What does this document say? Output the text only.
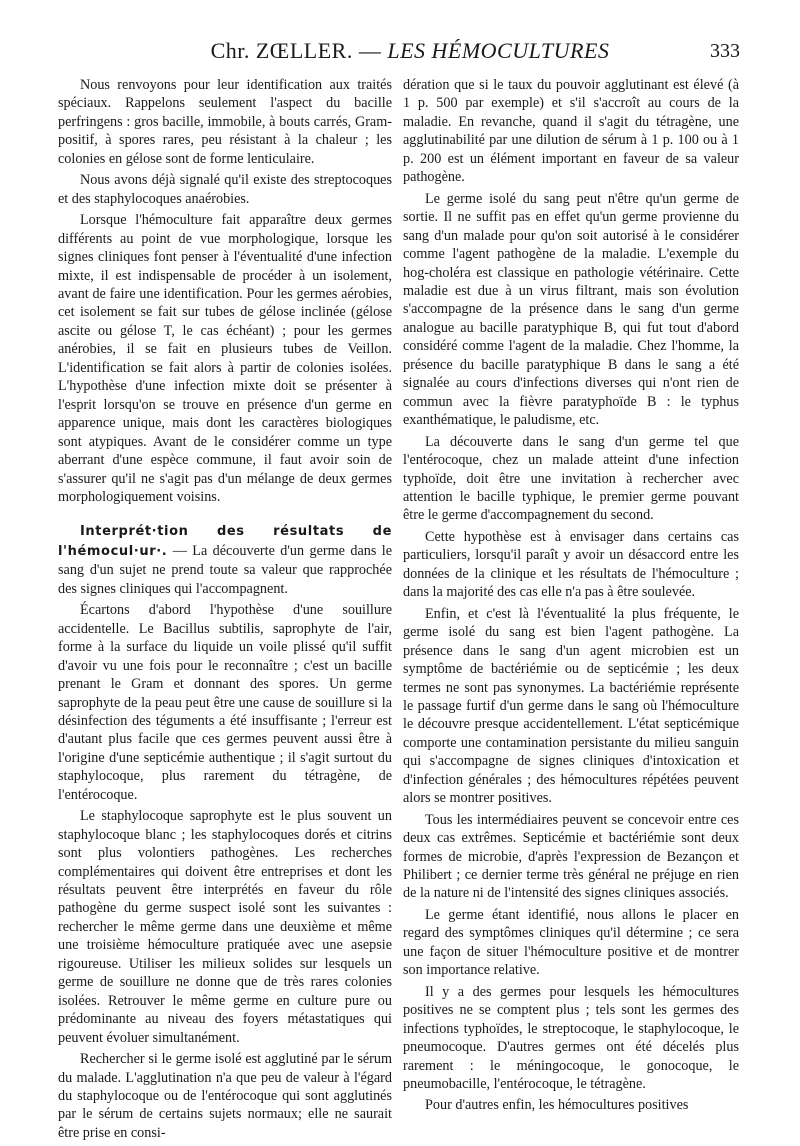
Chr. ZŒLLER. — LES HÉMOCULTURES	333

Nous renvoyons pour leur identification aux traités spéciaux. Rappelons seulement l'aspect du bacille perfringens : gros bacille, immobile, à bouts carrés, Gram-positif, à spores rares, peu résistant à la chaleur ; les colonies en gélose sont de forme lenticulaire.

Nous avons déjà signalé qu'il existe des streptocoques et des staphylocoques anaérobies.

Lorsque l'hémoculture fait apparaître deux germes différents au point de vue morphologique, lorsque les signes cliniques font penser à l'éventualité d'une infection mixte, il est indispensable de procéder à un isolement, avant de faire une identification. Pour les germes aérobies, cet isolement se fait sur tubes de gélose inclinée (gélose ascite ou gélose T, le cas échéant) ; pour les germes anérobies, il se fait en plusieurs tubes de Veillon. L'identification se fait alors à partir de colonies isolées. L'hypothèse d'une infection mixte doit se présenter à l'esprit lorsqu'on se trouve en présence d'un germe en apparence unique, mais dont les caractères biologiques sont atypiques. Avant de le considérer comme un type aberrant d'une espèce commune, il faut avoir soin de s'assurer qu'il ne s'agit pas d'un mélange de deux germes morphologiquement voisins.

Interprét·tion des résultats de l'hémocul·ur·. — La découverte d'un germe dans le sang d'un sujet ne prend toute sa valeur que rapprochée des signes cliniques qui l'accompagnent.

Écartons d'abord l'hypothèse d'une souillure accidentelle. Le Bacillus subtilis, saprophyte de l'air, forme à la surface du liquide un voile plissé qu'il suffit d'avoir vu une fois pour le reconnaître ; c'est un bacille prenant le Gram et donnant des spores. Un germe saprophyte de la peau peut être une cause de souillure si la désinfection des téguments a été insuffisante ; l'erreur est d'autant plus facile que ces germes peuvent aussi être à l'origine d'une septicémie authentique ; il s'agit surtout du staphylocoque, plus rarement du tétragène, de l'entérocoque.

Le staphylocoque saprophyte est le plus souvent un staphylocoque blanc ; les staphylocoques dorés et citrins sont plus volontiers pathogènes. Les recherches complémentaires qui doivent être entreprises et dont les résultats peuvent être interprétés en faveur du rôle pathogène du germe suspect isolé sont les suivantes : rechercher le même germe dans une deuxième et même une troisième hémoculture pratiquée avec une asepsie rigoureuse. Utiliser les milieux solides sur lesquels un germe de souillure ne donne que de très rares colonies isolées. Retrouver le même germe en culture pure ou prédominante au niveau des foyers métastatiques qui peuvent évoluer simultanément.

Rechercher si le germe isolé est agglutiné par le sérum du malade. L'agglutination n'a que peu de valeur à l'égard du staphylocoque ou de l'entérocoque qui sont agglutinés par le sérum de certains sujets normaux; elle ne saurait être prise en consi-

dération que si le taux du pouvoir agglutinant est élevé (à 1 p. 500 par exemple) et s'il s'accroît au cours de la maladie. En revanche, quand il s'agit du tétragène, une agglutinabilité par une dilution de sérum à 1 p. 100 ou à 1 p. 200 est un élément important en faveur de sa valeur pathogène.

Le germe isolé du sang peut n'être qu'un germe de sortie. Il ne suffit pas en effet qu'un germe provienne du sang d'un malade pour qu'on soit autorisé à le considérer comme l'agent pathogène de la maladie. L'exemple du hog-choléra est classique en pathologie vétérinaire. Cette maladie est due à un virus filtrant, mais son évolution s'accompagne de la présence dans le sang d'un germe analogue au bacille paratyphique B, qui fut tout d'abord considéré comme l'agent de la maladie. Chez l'homme, la présence du bacille paratyphique B dans le sang a été signalée au cours d'infections diverses qui n'ont rien de commun avec la fièvre paratyphoïde B : le typhus exanthématique, le paludisme, etc.

La découverte dans le sang d'un germe tel que l'entérocoque, chez un malade atteint d'une infection typhoïde, doit être une invitation à rechercher avec attention le bacille typhique, le premier germe pouvant être le germe d'accompagnement du second.

Cette hypothèse est à envisager dans certains cas particuliers, lorsqu'il paraît y avoir un désaccord entre les données de la clinique et les résultats de l'hémoculture ; dans la majorité des cas elle n'a pas à être soulevée.

Enfin, et c'est là l'éventualité la plus fréquente, le germe isolé du sang est bien l'agent pathogène. La présence dans le sang d'un agent microbien est un symptôme de bactériémie ou de septicémie ; les deux termes ne sont pas synonymes. La bactériémie représente le passage furtif d'un germe dans le sang où l'hémoculture le découvre presque accidentellement. L'état septicémique comporte une contamination persistante du milieu sanguin qui s'accompagne de signes cliniques d'intoxication et d'infection générales ; des hémocultures répétées peuvent alors se montrer positives.

Tous les intermédiaires peuvent se concevoir entre ces deux cas extrêmes. Septicémie et bactériémie sont deux formes de microbie, d'après l'expression de Bezançon et Philibert ; ce dernier terme très général ne préjuge en rien de la nature ni de l'intensité des signes cliniques associés.

Le germe étant identifié, nous allons le placer en regard des symptômes cliniques qu'il détermine ; ce sera une façon de situer l'hémoculture positive et de montrer son importance relative.

Il y a des germes pour lesquels les hémocultures positives ne se comptent plus ; tels sont les germes des infections typhoïdes, le streptocoque, le staphylocoque, le pneumocoque. D'autres germes ont été décelés plus rarement : le méningocoque, le gonocoque, le pneumobacille, l'entérocoque, le tétragène.

Pour d'autres enfin, les hémocultures positives
